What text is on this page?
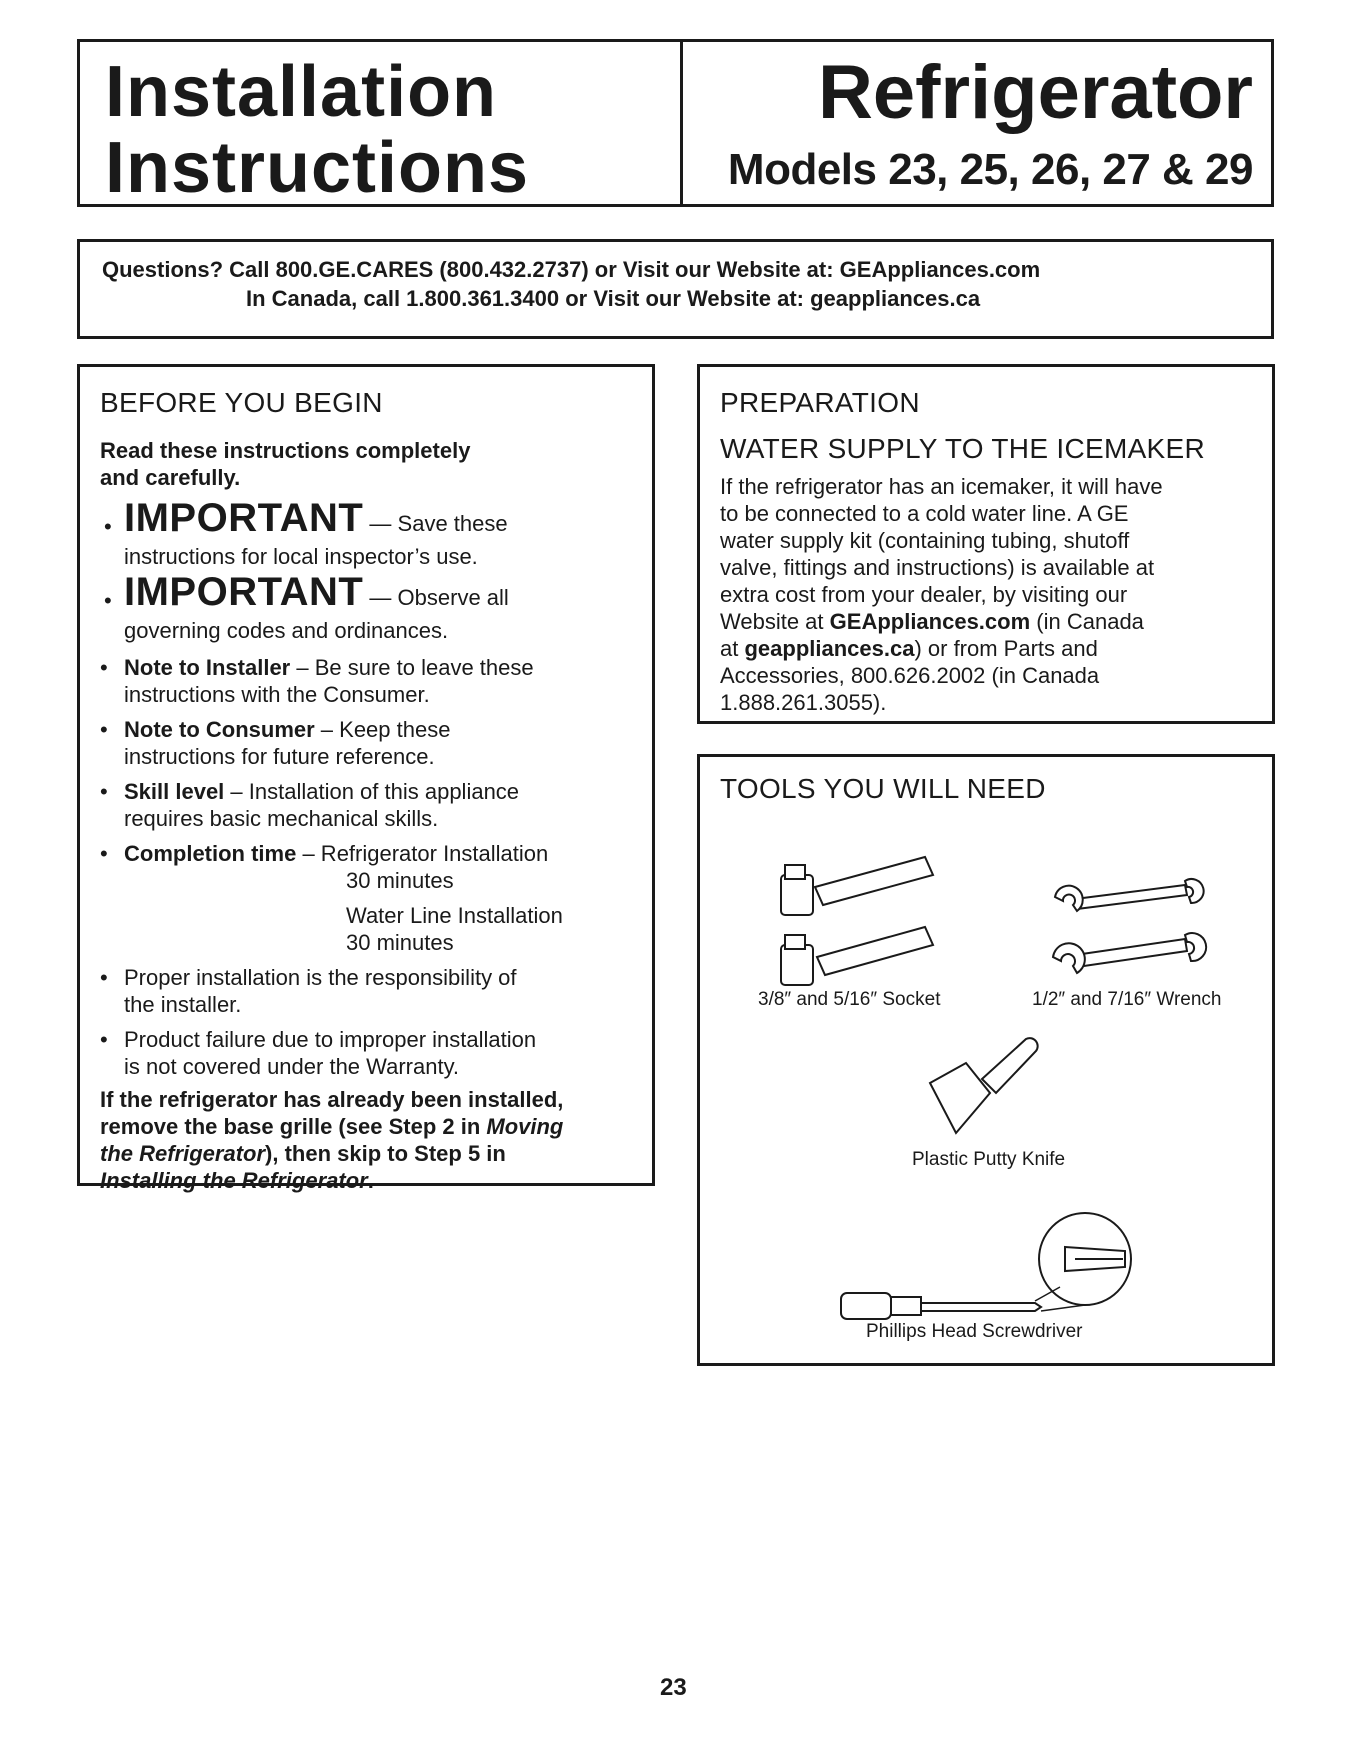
Installation
Instructions
Refrigerator
Models 23, 25, 26, 27 & 29
Questions? Call 800.GE.CARES (800.432.2737) or Visit our Website at: GEAppliances.com
In Canada, call 1.800.361.3400 or Visit our Website at: geappliances.ca
BEFORE YOU BEGIN
Read these instructions completely
and carefully.
• IMPORTANT — Save these
instructions for local inspector’s use.
• IMPORTANT — Observe all
governing codes and ordinances.
• Note to Installer – Be sure to leave these
instructions with the Consumer.
• Note to Consumer – Keep these
instructions for future reference.
• Skill level – Installation of this appliance
requires basic mechanical skills.
• Completion time – Refrigerator Installation
30 minutes
Water Line Installation
30 minutes
• Proper installation is the responsibility of
the installer.
• Product failure due to improper installation
is not covered under the Warranty.
If the refrigerator has already been installed,
remove the base grille (see Step 2 in Moving
the Refrigerator), then skip to Step 5 in
Installing the Refrigerator.
PREPARATION
WATER SUPPLY TO THE ICEMAKER
If the refrigerator has an icemaker, it will have
to be connected to a cold water line. A GE
water supply kit (containing tubing, shutoff
valve, fittings and instructions) is available at
extra cost from your dealer, by visiting our
Website at GEAppliances.com (in Canada
at geappliances.ca) or from Parts and
Accessories, 800.626.2002 (in Canada
1.888.261.3055).
TOOLS YOU WILL NEED
3/8″ and 5/16″ Socket	1/2″ and 7/16″ Wrench
Plastic Putty Knife
Phillips Head Screwdriver
23
